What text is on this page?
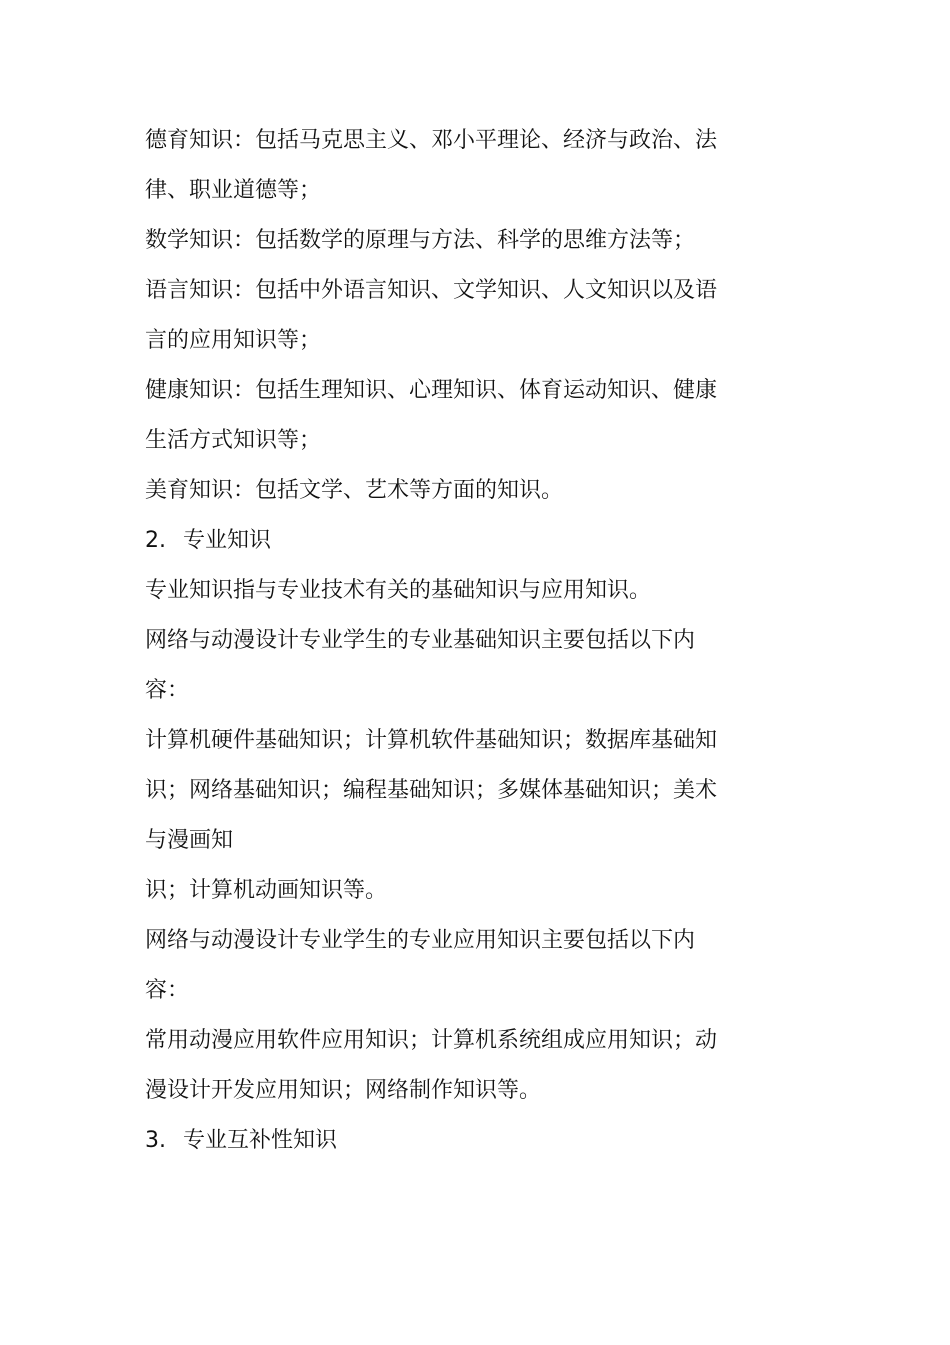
德育知识：包括马克思主义、邓小平理论、经济与政治、法
律、职业道德等；
数学知识：包括数学的原理与方法、科学的思维方法等；
语言知识：包括中外语言知识、文学知识、人文知识以及语
言的应用知识等；
健康知识：包括生理知识、心理知识、体育运动知识、健康
生活方式知识等；
美育知识：包括文学、艺术等方面的知识。
2. 专业知识
专业知识指与专业技术有关的基础知识与应用知识。
网络与动漫设计专业学生的专业基础知识主要包括以下内
容：
计算机硬件基础知识；计算机软件基础知识；数据库基础知
识；网络基础知识；编程基础知识；多媒体基础知识；美术
与漫画知
识；计算机动画知识等。
网络与动漫设计专业学生的专业应用知识主要包括以下内
容：
常用动漫应用软件应用知识；计算机系统组成应用知识；动
漫设计开发应用知识；网络制作知识等。
3. 专业互补性知识
